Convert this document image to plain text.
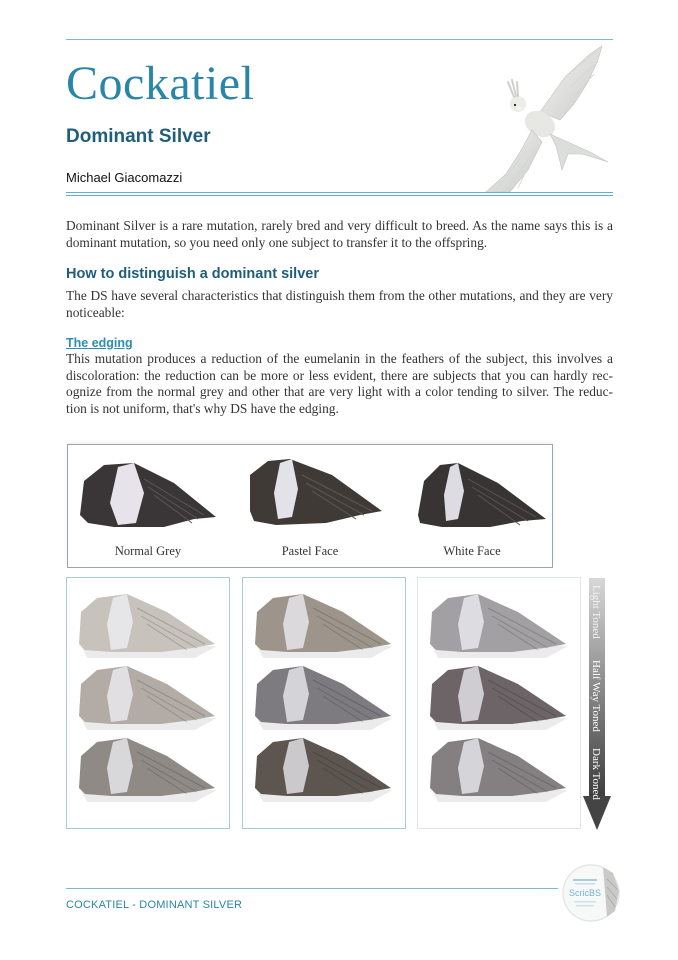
Cockatiel
Dominant Silver
Michael Giacomazzi

Dominant Silver is a rare mutation, rarely bred and very difficult to breed. As the name says this is a dominant mutation, so you need only one subject to transfer it to the offspring.

How to distinguish a dominant silver

The DS have several characteristics that distinguish them from the other mutations, and they are very noticeable:

The edging

This mutation produces a reduction of the eumelanin in the feathers of the subject, this involves a discoloration: the reduction can be more or less evident, there are subjects that you can hardly rec-ognize from the normal grey and other that are very light with a color tending to silver. The reduc-tion is not uniform, that's why DS have the edging.

Normal Grey	Pastel Face	White Face
Light Toned
Half Way Toned
Dark Toned
COCKATIEL - DOMINANT SILVER
ScricBS
